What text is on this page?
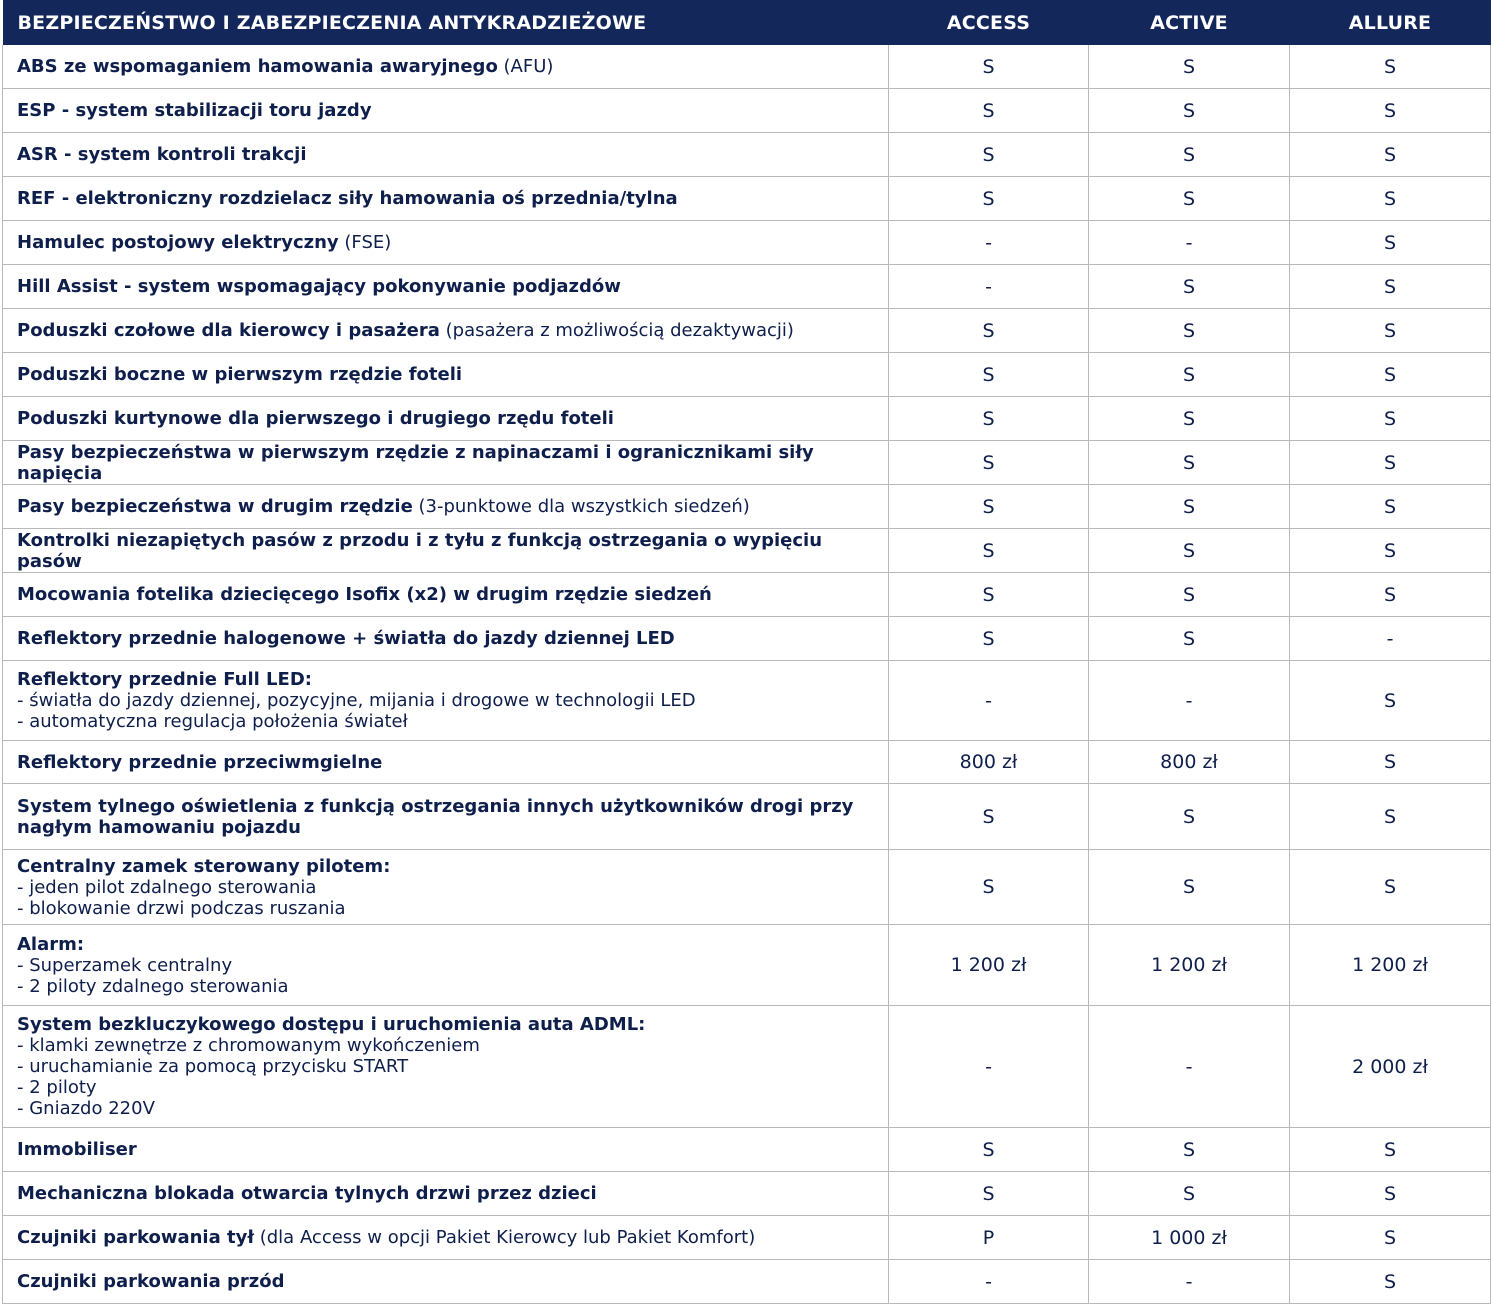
BEZPIECZEŃSTWO I ZABEZPIECZENIA ANTYKRADZIEŻOWE	ACCESS	ACTIVE	ALLURE
ABS ze wspomaganiem hamowania awaryjnego (AFU)	S	S	S
ESP - system stabilizacji toru jazdy	S	S	S
ASR - system kontroli trakcji	S	S	S
REF - elektroniczny rozdzielacz siły hamowania oś przednia/tylna	S	S	S
Hamulec postojowy elektryczny (FSE)	-	-	S
Hill Assist - system wspomagający pokonywanie podjazdów	-	S	S
Poduszki czołowe dla kierowcy i pasażera (pasażera z możliwością dezaktywacji)	S	S	S
Poduszki boczne w pierwszym rzędzie foteli	S	S	S
Poduszki kurtynowe dla pierwszego i drugiego rzędu foteli	S	S	S
Pasy bezpieczeństwa w pierwszym rzędzie z napinaczami i ogranicznikami siły napięcia	S	S	S
Pasy bezpieczeństwa w drugim rzędzie (3-punktowe dla wszystkich siedzeń)	S	S	S
Kontrolki niezapiętych pasów z przodu i z tyłu z funkcją ostrzegania o wypięciu pasów	S	S	S
Mocowania fotelika dziecięcego Isofix (x2) w drugim rzędzie siedzeń	S	S	S
Reflektory przednie halogenowe + światła do jazdy dziennej LED	S	S	-
Reflektory przednie Full LED:
- światła do jazdy dziennej, pozycyjne, mijania i drogowe w technologii LED
- automatyczna regulacja położenia świateł	-	-	S
Reflektory przednie przeciwmgielne	800 zł	800 zł	S
System tylnego oświetlenia z funkcją ostrzegania innych użytkowników drogi przy nagłym hamowaniu pojazdu	S	S	S
Centralny zamek sterowany pilotem:
- jeden pilot zdalnego sterowania
- blokowanie drzwi podczas ruszania	S	S	S
Alarm:
- Superzamek centralny
- 2 piloty zdalnego sterowania	1 200 zł	1 200 zł	1 200 zł
System bezkluczykowego dostępu i uruchomienia auta ADML:
- klamki zewnętrze z chromowanym wykończeniem
- uruchamianie za pomocą przycisku START
- 2 piloty
- Gniazdo 220V	-	-	2 000 zł
Immobiliser	S	S	S
Mechaniczna blokada otwarcia tylnych drzwi przez dzieci	S	S	S
Czujniki parkowania tył (dla Access w opcji Pakiet Kierowcy lub Pakiet Komfort)	P	1 000 zł	S
Czujniki parkowania przód	-	-	S
